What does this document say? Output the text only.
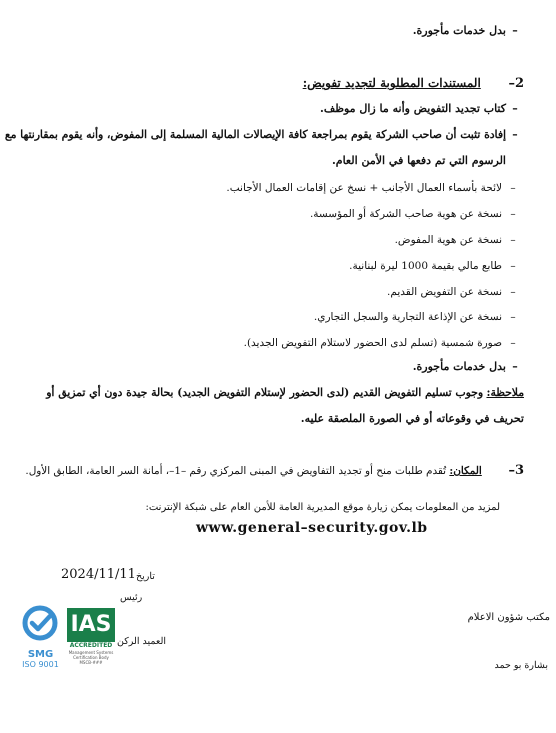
–بدل خدمات مأجورة.
2–  المستندات المطلوبة لتجديد تفويض:
–كتاب تجديد التفويض وأنه ما زال موظف.
–إفادة تثبت أن صاحب الشركة يقوم بمراجعة كافة الإيصالات المالية المسلمة إلى المفوض، وأنه يقوم بمقارنتها مع
الرسوم التي تم دفعها في الأمن العام.
–لائحة بأسماء العمال الأجانب + نسخ عن إقامات العمال الأجانب.
–نسخة عن هوية صاحب الشركة أو المؤسسة.
–نسخة عن هوية المفوض.
–طابع مالي بقيمة 1000 ليرة لبنانية.
–نسخة عن التفويض القديم.
–نسخة عن الإذاعة التجارية والسجل التجاري.
–صورة شمسية (تسلم لدى الحضور لاستلام التفويض الجديد).
–بدل خدمات مأجورة.
ملاحظة: وجوب تسليم التفويض القديم (لدى الحضور لإستلام التفويض الجديد) بحالة جيدة دون أي تمزيق أو
تحريف في وقوعاته أو في الصورة الملصقة عليه.
3–  المكان: تُقدم طلبات منح أو تجديد التفاويض في المبنى المركزي رقم –1–، أمانة السر العامة، الطابق الأول.
لمزيد من المعلومات يمكن زيارة موقع المديرية العامة للأمن العام على شبكة الإنترنت:
www.general–security.gov.lb
2024/11/11 تاريخ
رئيس
العميد الركن
مكتب شؤون الاعلام
بشارة بو حمد
SMG
ISO 9001
IAS
ACCREDITED
Management Systems
Certification Body
MSCB-###
